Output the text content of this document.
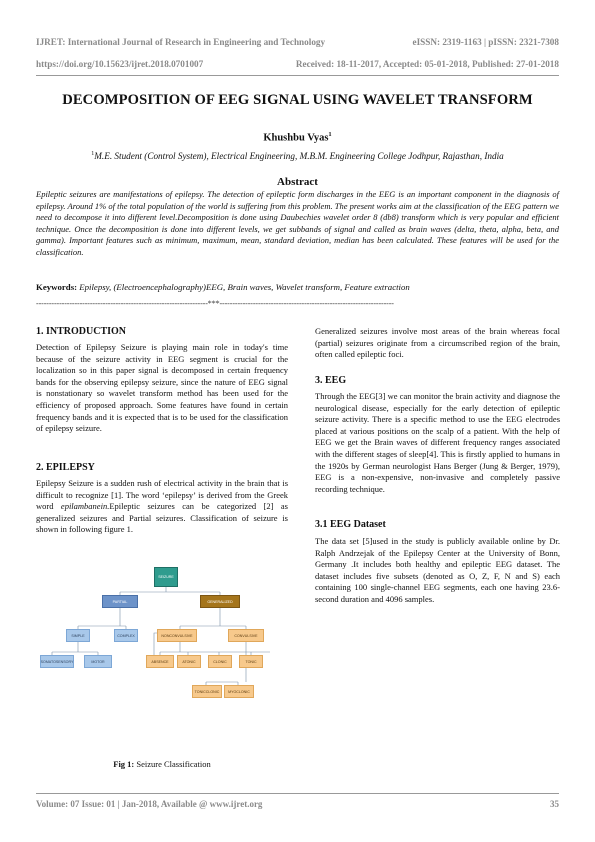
IJRET: International Journal of Research in Engineering and Technology	eISSN: 2319-1163 | pISSN: 2321-7308
https://doi.org/10.15623/ijret.2018.0701007	Received: 18-11-2017, Accepted: 05-01-2018, Published: 27-01-2018
DECOMPOSITION OF EEG SIGNAL USING WAVELET TRANSFORM
Khushbu Vyas$^1$
$^1$M.E. Student (Control System), Electrical Engineering, M.B.M. Engineering College Jodhpur, Rajasthan, India
Abstract
Epileptic seizures are manifestations of epilepsy. The detection of epileptic form discharges in the EEG is an important component in the diagnosis of epilepsy. Around 1% of the total population of the world is suffering from this problem. The present works aim at the classification of the EEG pattern we need to decompose it into different level.Decomposition is done using Daubechies wavelet order 8 (db8) transform which is very popular and efficient technique. Once the decomposition is done into different levels, we get subbands of signal and called as brain waves (delta, theta, alpha, beta, and gamma). Important features such as minimum, maximum, mean, standard deviation, median has been calculated. These features will be used for the classification.
Keywords: Epilepsy, (Electroencephalography)EEG, Brain waves, Wavelet transform, Feature extraction
-------------------------------------------------------------------***--------------------------------------------------------------------
1. INTRODUCTION
Detection of Epilepsy Seizure is playing main role in today's time because of the seizure activity in EEG segment is crucial for the localization so in this paper signal is decomposed in certain frequency bands for the observing epilepsy seizure, since the nature of EEG signal is nonstationary so wavelet transform method has been used for the efficiency of proposed approach. Some features have found in certain frequency bands and it is expected that is to be used for the classification of epilepsy seizure.
2. EPILEPSY
Epilepsy Seizure is a sudden rush of electrical activity in the brain that is difficult to recognize [1]. The word ‘epilepsy’ is derived from the Greek word epilambanein.Epileptic seizures can be categorized [2] as generalized seizures and Partial seizures. Classification of seizure is shown in following figure 1.
SEIZURE
PARTIAL	GENERALIZED
SIMPLE	COMPLEX
SOMATOSENSORY	MOTOR
NONCONVULSIVE	CONVULSIVE
ABSENCE	ATONIC	CLONIC	TONIC
TONICCLONIC	MYOCLONIC
Fig 1: Seizure Classification
Generalized seizures involve most areas of the brain whereas focal (partial) seizures originate from a circumscribed region of the brain, often called epileptic foci.
3. EEG
Through the EEG[3] we can monitor the brain activity and diagnose the neurological disease, especially for the early detection of epileptic seizure activity. There is a specific method to use the EEG electrodes placed at various positions on the scalp of a patient. With the help of EEG we get the Brain waves of different frequency ranges associated with the different stages of sleep[4]. This is firstly applied to humans in the 1920s by German neurologist Hans Berger (Jung & Berger, 1979), EEG is a non-expensive, non-invasive and completely passive recording technique.
3.1 EEG Dataset
The data set [5]used in the study is publicly available online by Dr. Ralph Andrzejak of the Epilepsy Center at the University of Bonn, Germany .It includes both healthy and epileptic EEG dataset. The dataset includes five subsets (denoted as O, Z, F, N and S) each containing 100 single-channel EEG segments, each one having 23.6-second duration and 4096 samples.
Volume: 07 Issue: 01 | Jan-2018, Available @ www.ijret.org	35
